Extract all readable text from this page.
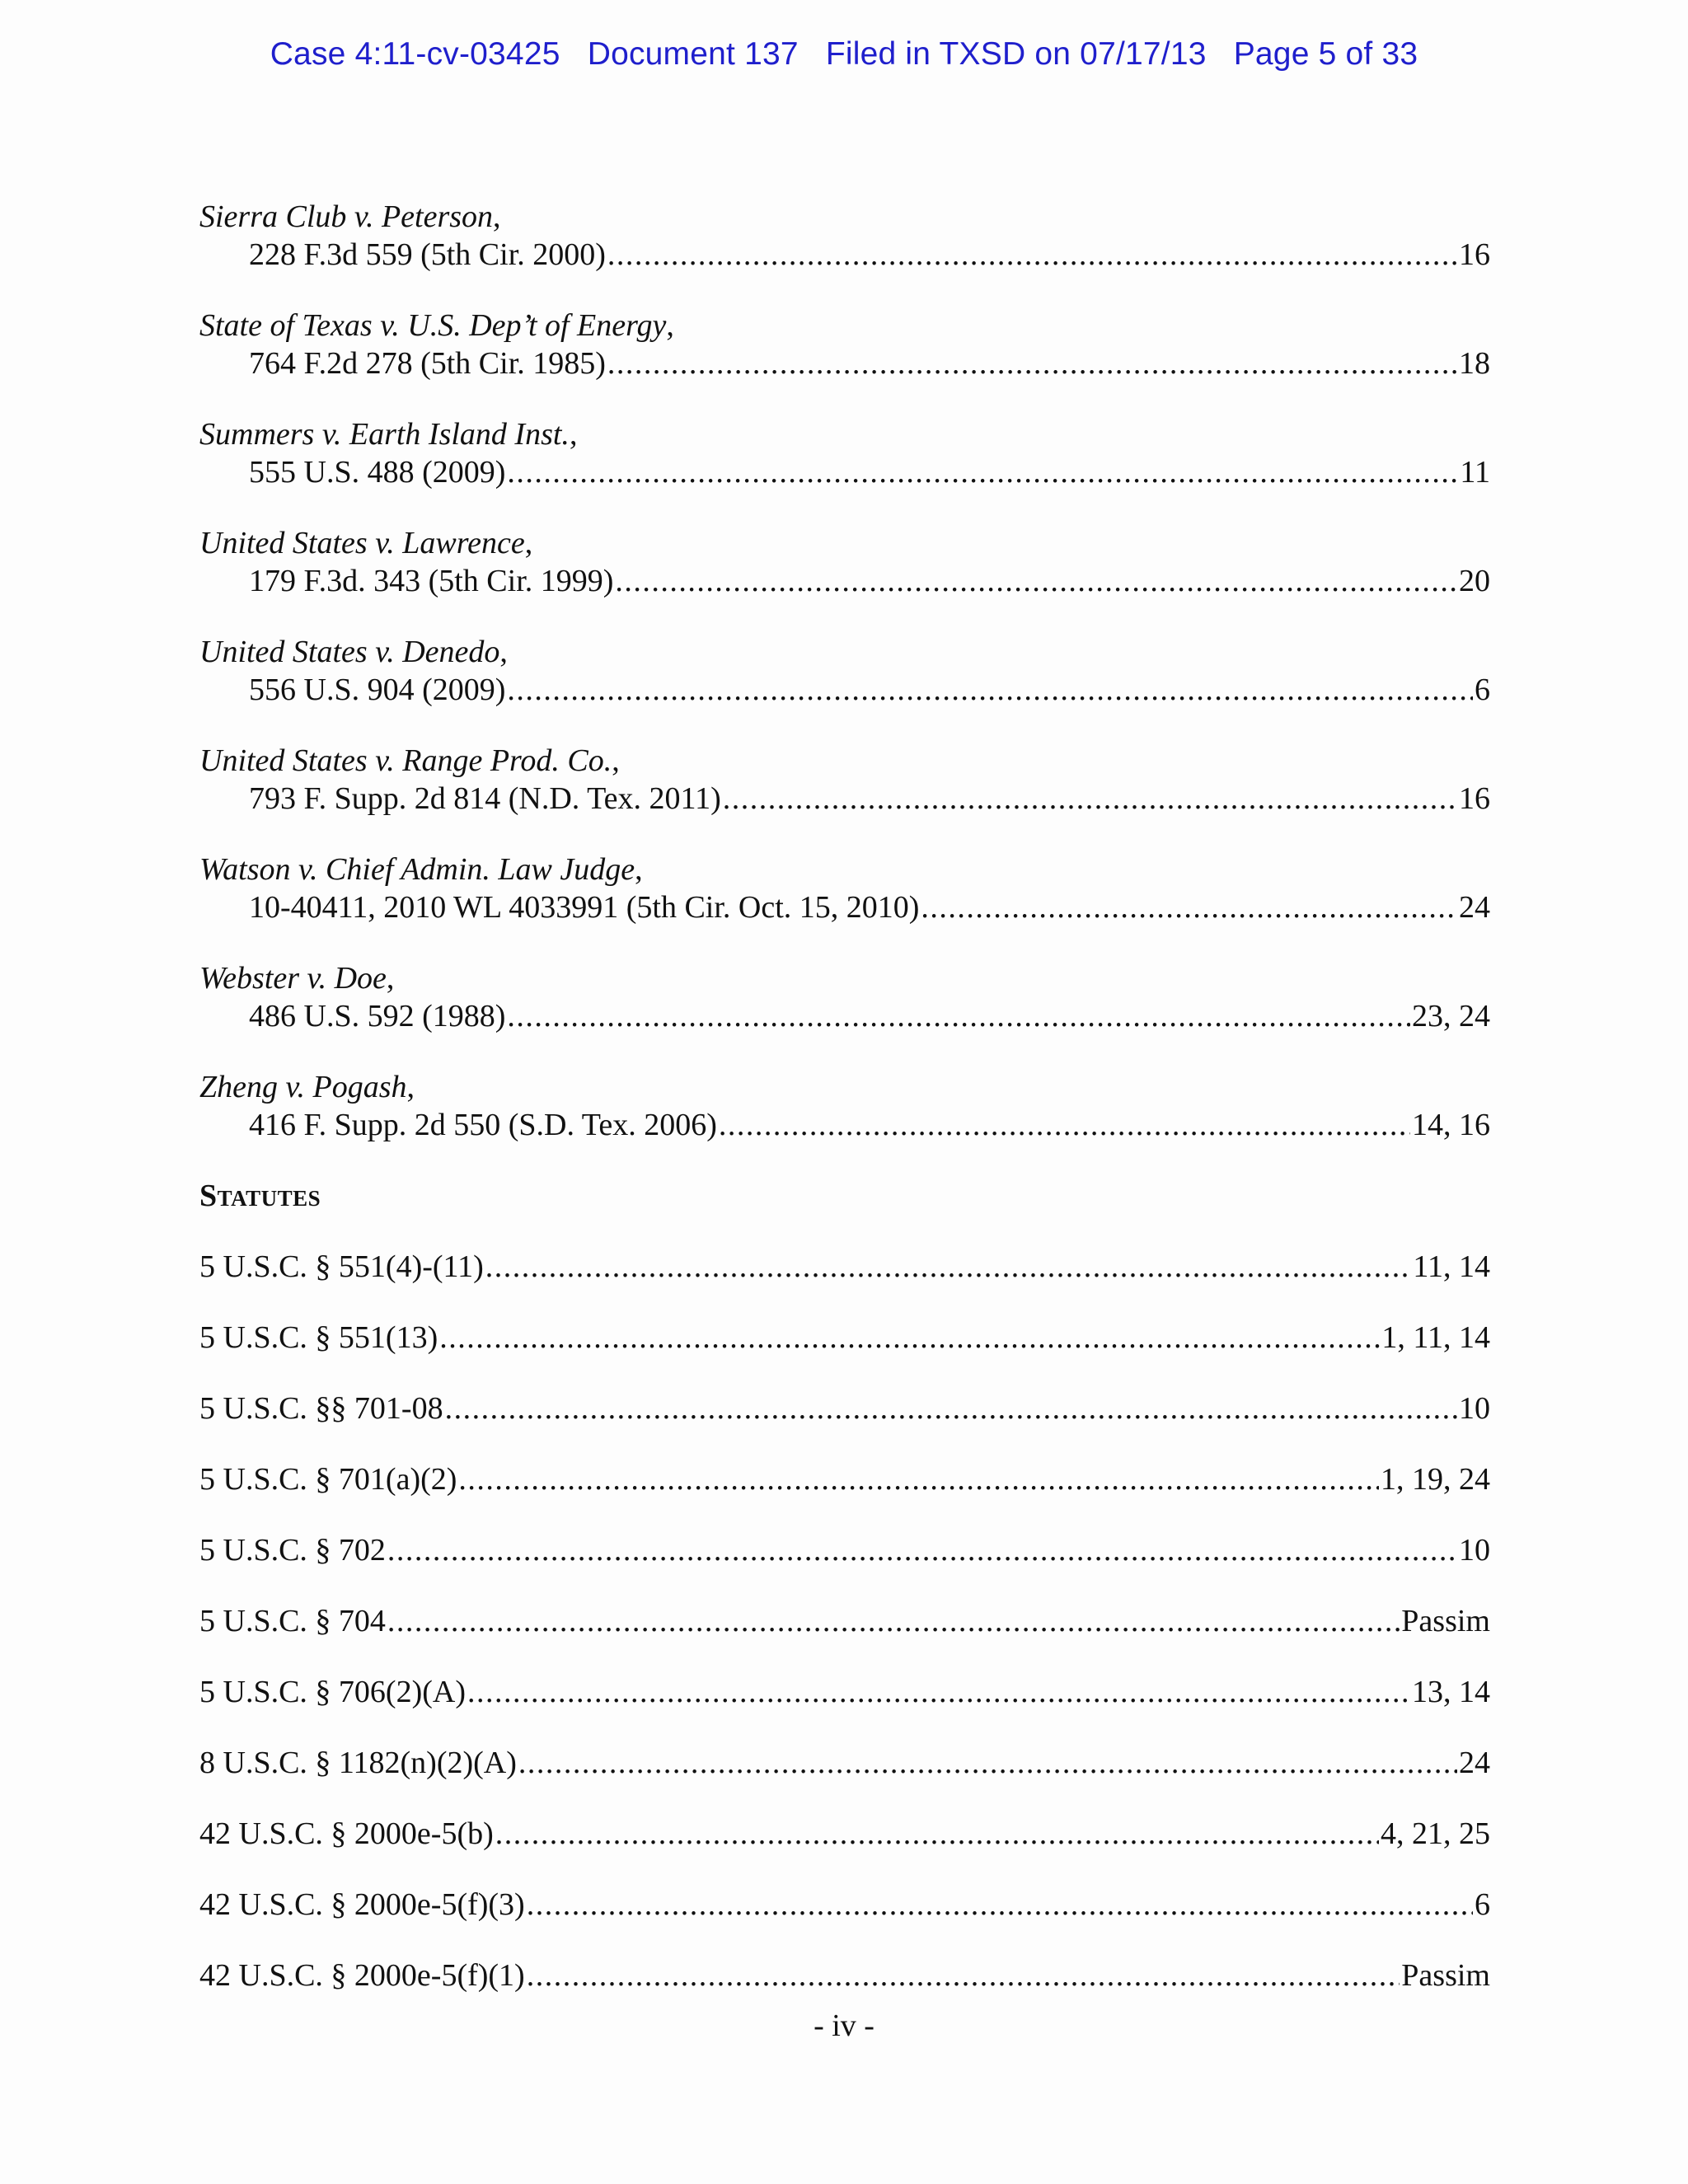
Case 4:11-cv-03425   Document 137   Filed in TXSD on 07/17/13   Page 5 of 33
Sierra Club v. Peterson,
228 F.3d 559 (5th Cir. 2000) .....	16
State of Texas v. U.S. Dep’t of Energy,
764 F.2d 278 (5th Cir. 1985) .....	18
Summers v. Earth Island Inst.,
555 U.S. 488 (2009) .....	11
United States v. Lawrence,
179 F.3d. 343 (5th Cir. 1999) .....	20
United States v. Denedo,
556 U.S. 904 (2009) .....	6
United States v. Range Prod. Co.,
793 F. Supp. 2d 814 (N.D. Tex. 2011) .....	16
Watson v. Chief Admin. Law Judge,
10-40411, 2010 WL 4033991 (5th Cir. Oct. 15, 2010) .....	24
Webster v. Doe,
486 U.S. 592 (1988) .....	23, 24
Zheng v. Pogash,
416 F. Supp. 2d 550 (S.D. Tex. 2006) .....	14, 16
Statutes
5 U.S.C. § 551(4)-(11) .....	11, 14
5 U.S.C. § 551(13) .....	1, 11, 14
5 U.S.C. §§ 701-08 .....	10
5 U.S.C. § 701(a)(2) .....	1, 19, 24
5 U.S.C. § 702 .....	10
5 U.S.C. § 704 .....	Passim
5 U.S.C. § 706(2)(A) .....	13, 14
8 U.S.C. § 1182(n)(2)(A) .....	24
42 U.S.C. § 2000e-5(b) .....	4, 21, 25
42 U.S.C. § 2000e-5(f)(3) .....	6
42 U.S.C. § 2000e-5(f)(1) .....	Passim
- iv -
